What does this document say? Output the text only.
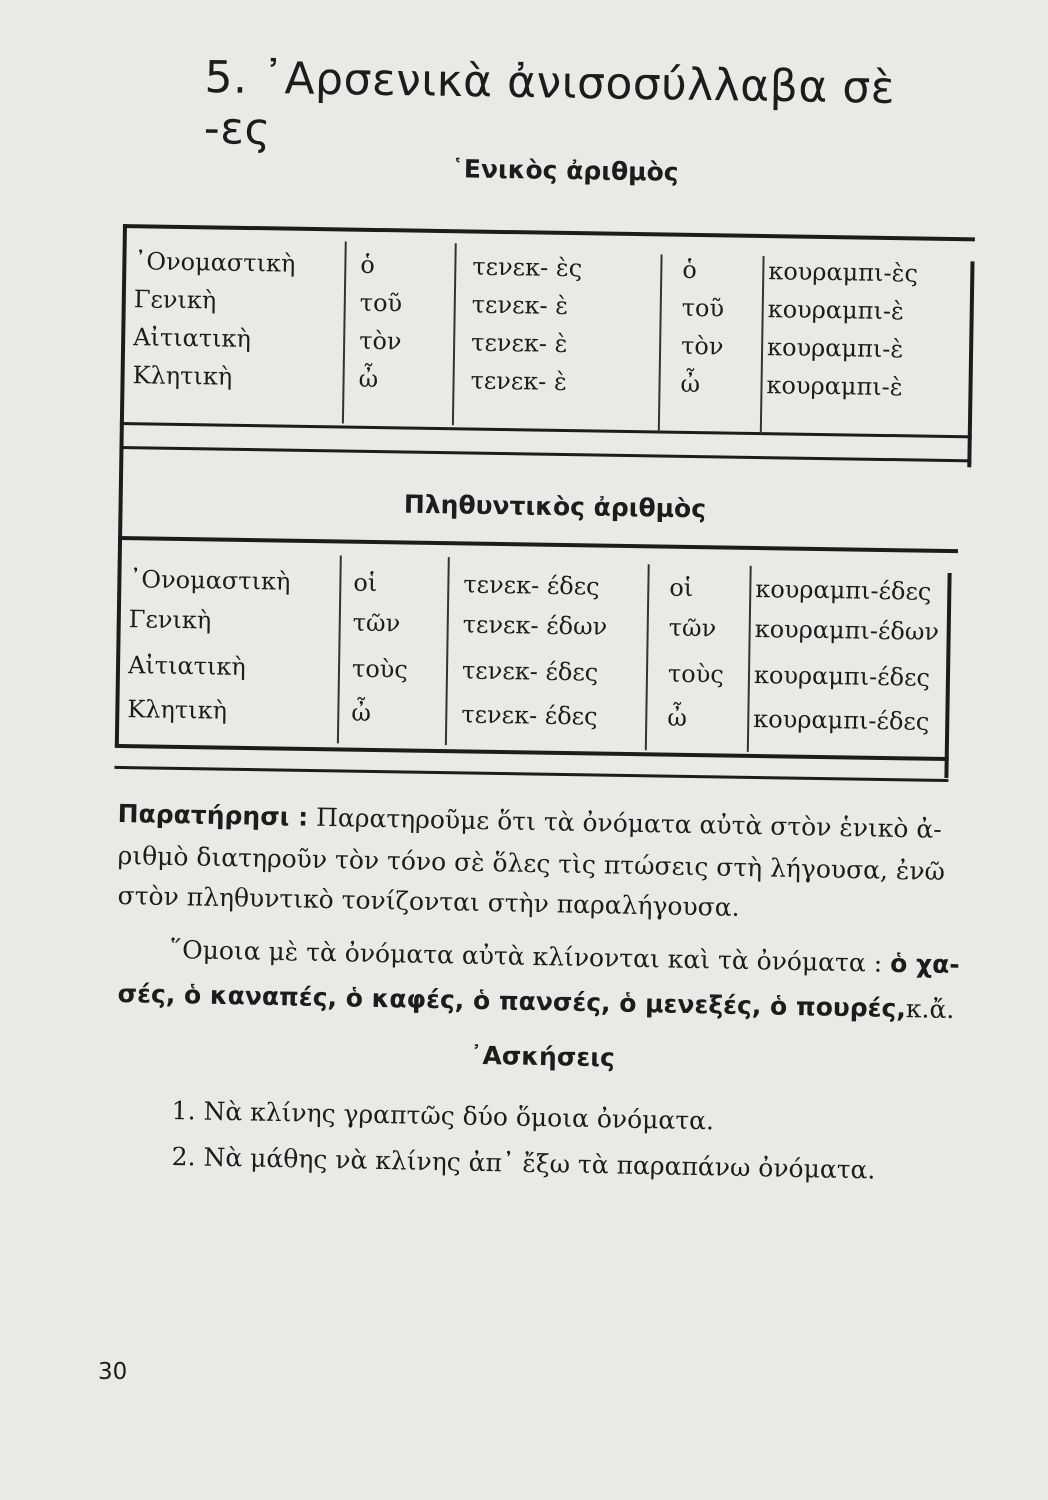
5. ᾿Αρσενικὰ ἀνισοσύλλαβα σὲ -ες
῾Ενικὸς ἀριθμὸς
᾿Ονομαστικὴ
Γενικὴ
Αἰτιατικὴ
Κλητικὴ
ὁ
τοῦ
τὸν
ὦ
τενεκ- ὲς
τενεκ- ὲ
τενεκ- ὲ
τενεκ- ὲ
ὁ
τοῦ
τὸν
ὦ
κουραμπι-ὲς
κουραμπι-ὲ
κουραμπι-ὲ
κουραμπι-ὲ
᾿Ονομαστικὴ
Γενικὴ
Αἰτιατικὴ
Κλητικὴ
οἱ
τῶν
τοὺς
ὦ
τενεκ- έδες
τενεκ- έδων
τενεκ- έδες
τενεκ- έδες
οἱ
τῶν
τοὺς
ὦ
κουραμπι-έδες
κουραμπι-έδων
κουραμπι-έδες
κουραμπι-έδες
Πληθυντικὸς ἀριθμὸς

Παρατήρησι : Παρατηροῦμε ὅτι τὰ ὀνόματα αὐτὰ στὸν ἑνικὸ ἀ-

ριθμὸ διατηροῦν τὸν τόνο σὲ ὅλες τὶς πτώσεις στὴ λήγουσα, ἐνῶ

στὸν πληθυντικὸ τονίζονται στὴν παραλήγουσα.

῞Ομοια μὲ τὰ ὀνόματα αὐτὰ κλίνονται καὶ τὰ ὀνόματα : ὁ χα-

σές, ὁ καναπές, ὁ καφές, ὁ πανσές, ὁ μενεξές, ὁ πουρές,κ.ἄ.

᾿Ασκήσεις

1. Νὰ κλίνης γραπτῶς δύο ὅμοια ὀνόματα.

2. Νὰ μάθης νὰ κλίνης ἀπ᾿ ἔξω τὰ παραπάνω ὀνόματα.

30
